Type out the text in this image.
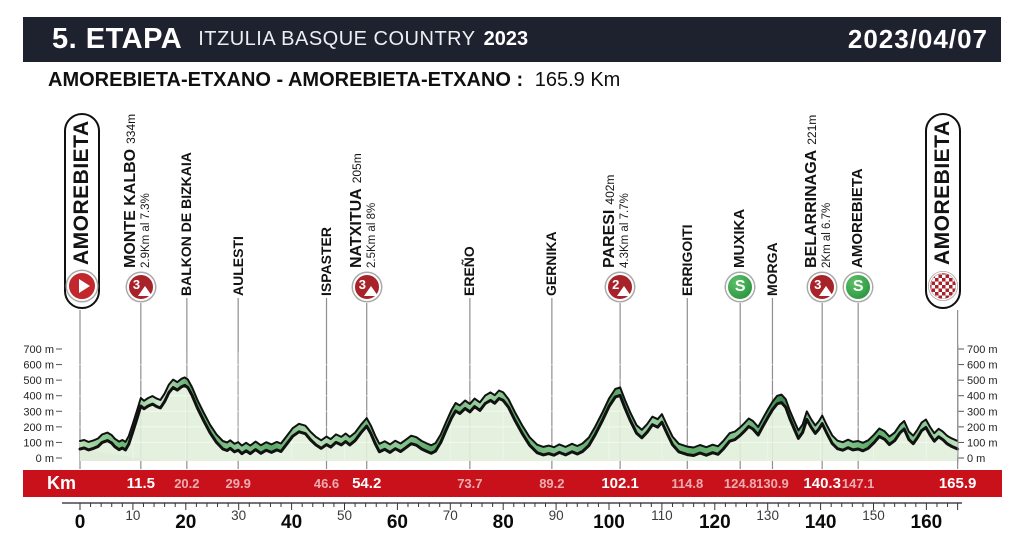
5. ETAPA ITZULIA BASQUE COUNTRY 2023	2023/04/07
AMOREBIETA-ETXANO - AMOREBIETA-ETXANO : 165.9 Km
700 m	700 m
600 m	600 m
500 m	500 m
400 m	400 m
300 m	300 m
200 m	200 m
100 m	100 m
0 m	0 m
0	10 20	30 40	50 60	70 80	90 100 110 120 130 140 150 160
AMOREBIETA MONTE KALBO334m
2.9Km al 7.3%
3	BALKON DE BIZKAIA	AULESTI	ISPASTER NATXITUA205m
2.5Km al 8%
3	EREÑO	GERNIKA	PARESI402m
4.3Km al 7.7%
2	ERRIGOITI MUXIKA
S	MORGA
BELARRINAGA221m
2Km al 6.7%
3
AMOREBIETA
S
AMOREBIETA
Km	11.5	20.2	29.9	46.6 54.2	73.7	89.2	102.1	114.8	124.8 130.9 140.3 147.1	165.9
